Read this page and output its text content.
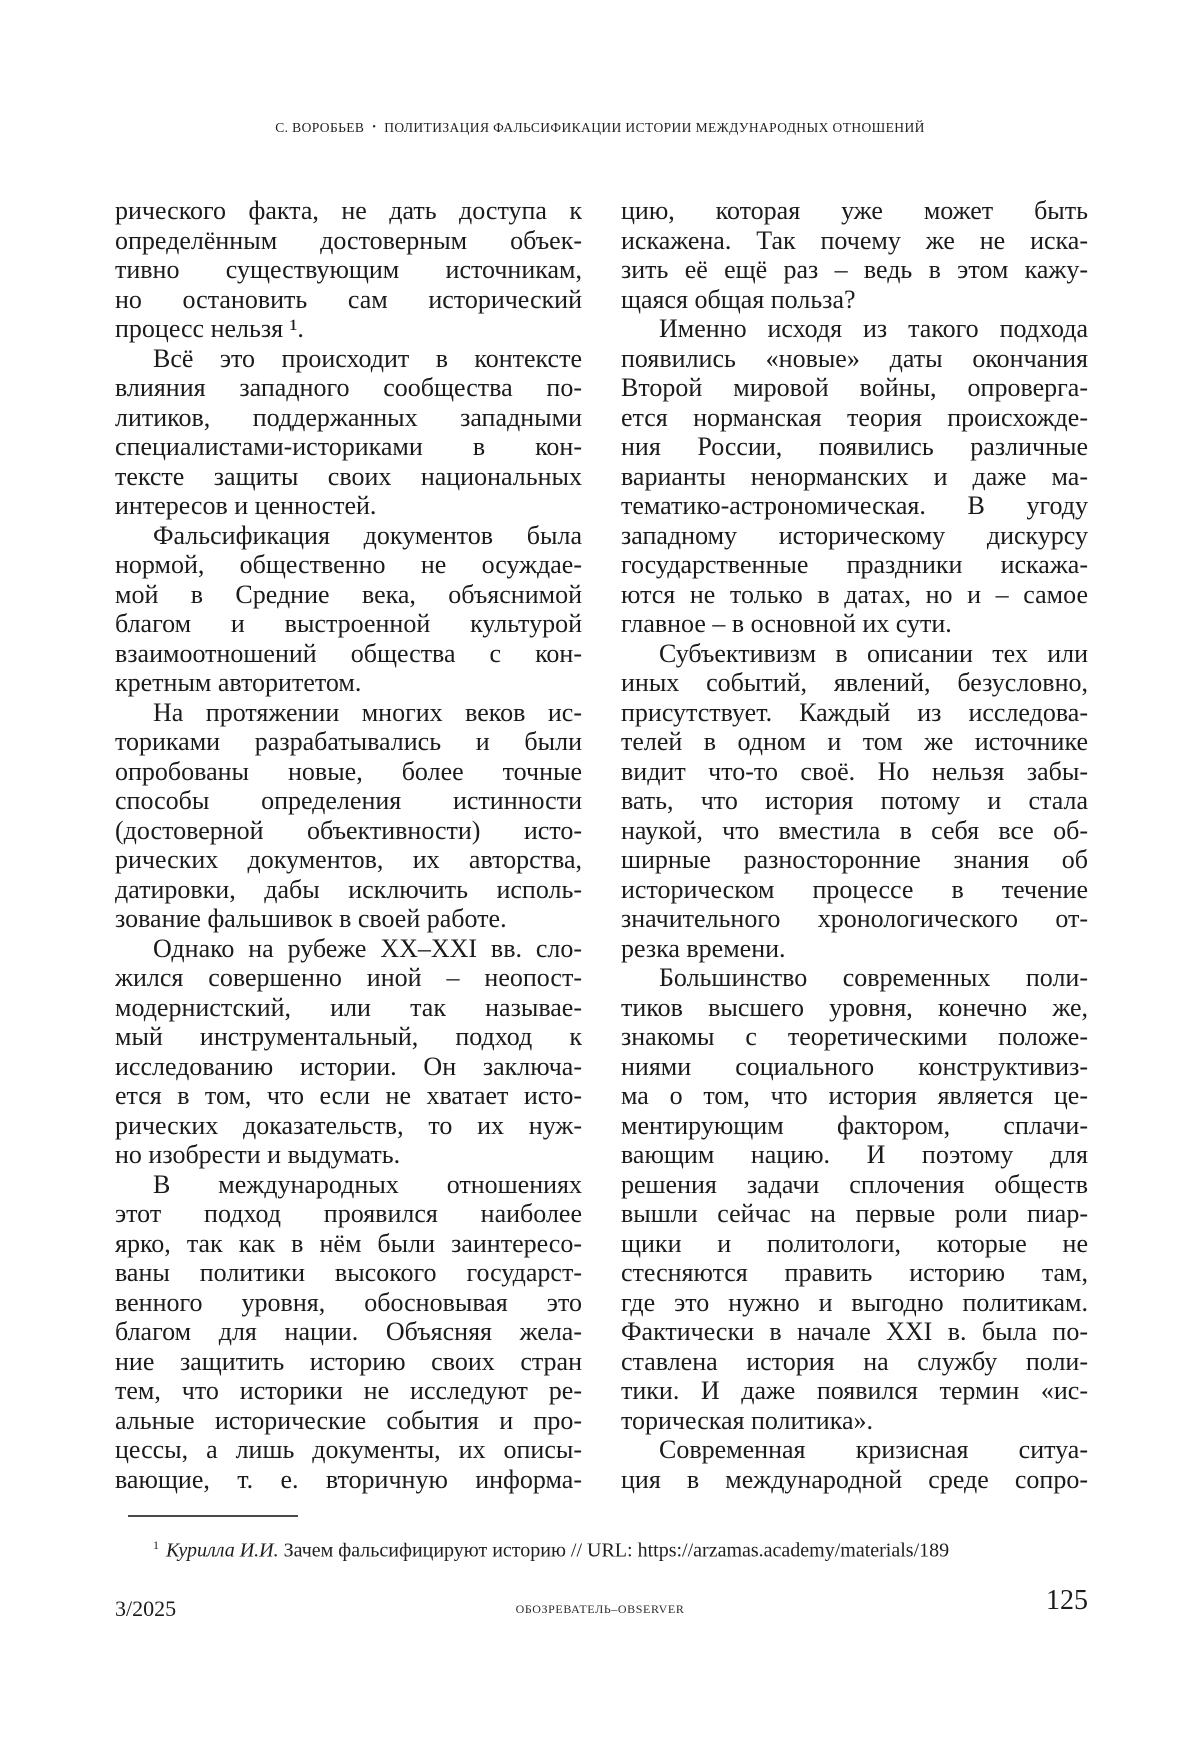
С. ВОРОБЬЕВ • ПОЛИТИЗАЦИЯ ФАЛЬСИФИКАЦИИ ИСТОРИИ МЕЖДУНАРОДНЫХ ОТНОШЕНИЙ
рического факта, не дать доступа к
определённым достоверным объек-
тивно существующим источникам,
но остановить сам исторический
процесс нельзя ¹.
Всё это происходит в контексте
влияния западного сообщества по-
литиков, поддержанных западными
специалистами-историками в кон-
тексте защиты своих национальных
интересов и ценностей.
Фальсификация документов была
нормой, общественно не осуждае-
мой в Средние века, объяснимой
благом и выстроенной культурой
взаимоотношений общества с кон-
кретным авторитетом.
На протяжении многих веков ис-
ториками разрабатывались и были
опробованы новые, более точные
способы определения истинности
(достоверной объективности) исто-
рических документов, их авторства,
датировки, дабы исключить исполь-
зование фальшивок в своей работе.
Однако на рубеже XX–XXI вв. сло-
жился совершенно иной – неопост-
модернистский, или так называе-
мый инструментальный, подход к
исследованию истории. Он заключа-
ется в том, что если не хватает исто-
рических доказательств, то их нуж-
но изобрести и выдумать.
В международных отношениях
этот подход проявился наиболее
ярко, так как в нём были заинтересо-
ваны политики высокого государст-
венного уровня, обосновывая это
благом для нации. Объясняя жела-
ние защитить историю своих стран
тем, что историки не исследуют ре-
альные исторические события и про-
цессы, а лишь документы, их описы-
вающие, т. е. вторичную информа-
цию, которая уже может быть
искажена. Так почему же не иска-
зить её ещё раз – ведь в этом кажу-
щаяся общая польза?
Именно исходя из такого подхода
появились «новые» даты окончания
Второй мировой войны, опроверга-
ется норманская теория происхожде-
ния России, появились различные
варианты ненорманских и даже ма-
тематико-астрономическая. В угоду
западному историческому дискурсу
государственные праздники искажа-
ются не только в датах, но и – самое
главное – в основной их сути.
Субъективизм в описании тех или
иных событий, явлений, безусловно,
присутствует. Каждый из исследова-
телей в одном и том же источнике
видит что-то своё. Но нельзя забы-
вать, что история потому и стала
наукой, что вместила в себя все об-
ширные разносторонние знания об
историческом процессе в течение
значительного хронологического от-
резка времени.
Большинство современных поли-
тиков высшего уровня, конечно же,
знакомы с теоретическими положе-
ниями социального конструктивиз-
ма о том, что история является це-
ментирующим фактором, сплачи-
вающим нацию. И поэтому для
решения задачи сплочения обществ
вышли сейчас на первые роли пиар-
щики и политологи, которые не
стесняются править историю там,
где это нужно и выгодно политикам.
Фактически в начале XXI в. была по-
ставлена история на службу поли-
тики. И даже появился термин «ис-
торическая политика».
Современная кризисная ситуа-
ция в международной среде сопро-
$^1$ Курилла И.И. Зачем фальсифицируют историю // URL: https://arzamas.academy/materials/189
3/2025	ОБОЗРЕВАТЕЛЬ–OBSERVER	125
